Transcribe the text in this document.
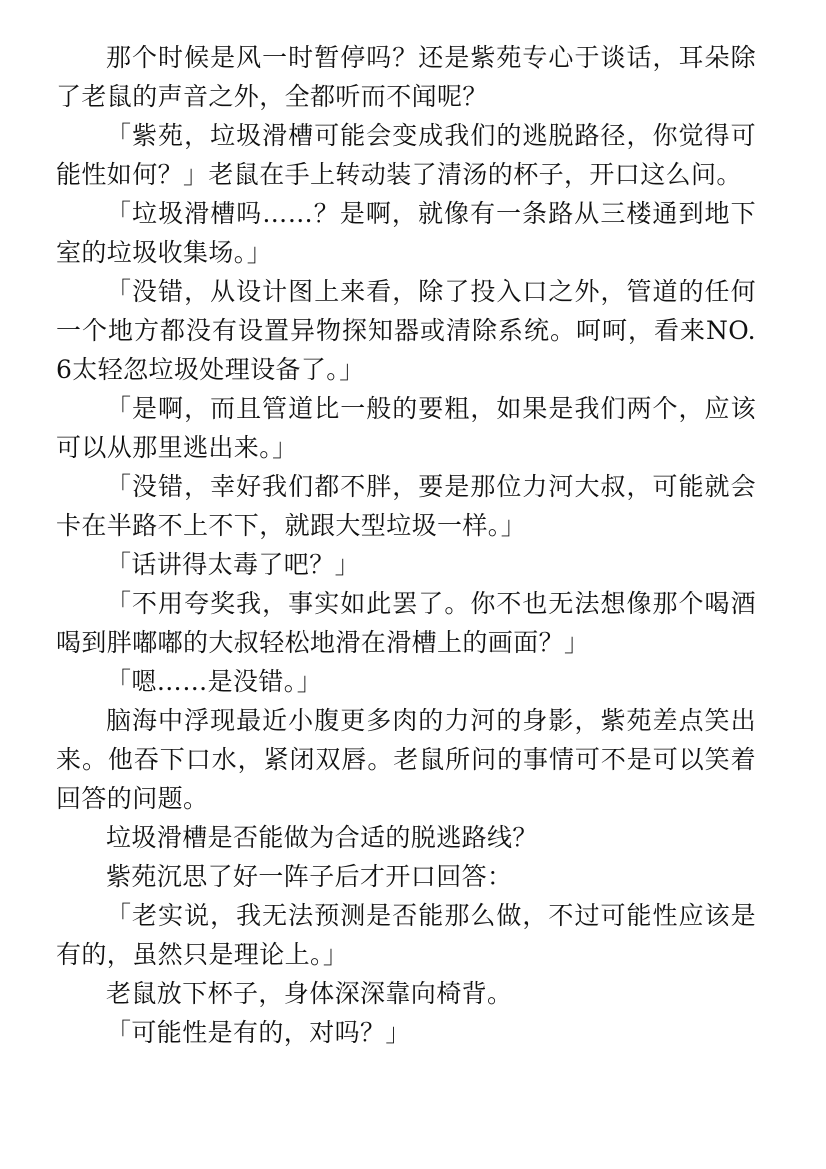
那个时候是风一时暂停吗？还是紫苑专心于谈话，耳朵除了老鼠的声音之外，全都听而不闻呢？

「紫苑，垃圾滑槽可能会变成我们的逃脱路径，你觉得可能性如何？」老鼠在手上转动装了清汤的杯子，开口这么问。

「垃圾滑槽吗……？是啊，就像有一条路从三楼通到地下室的垃圾收集场。」

「没错，从设计图上来看，除了投入口之外，管道的任何一个地方都没有设置异物探知器或清除系统。呵呵，看来NO.6太轻忽垃圾处理设备了。」

「是啊，而且管道比一般的要粗，如果是我们两个，应该可以从那里逃出来。」

「没错，幸好我们都不胖，要是那位力河大叔，可能就会卡在半路不上不下，就跟大型垃圾一样。」

「话讲得太毒了吧？」

「不用夸奖我，事实如此罢了。你不也无法想像那个喝酒喝到胖嘟嘟的大叔轻松地滑在滑槽上的画面？」

「嗯……是没错。」

脑海中浮现最近小腹更多肉的力河的身影，紫苑差点笑出来。他吞下口水，紧闭双唇。老鼠所问的事情可不是可以笑着回答的问题。

垃圾滑槽是否能做为合适的脱逃路线？

紫苑沉思了好一阵子后才开口回答：

「老实说，我无法预测是否能那么做，不过可能性应该是有的，虽然只是理论上。」

老鼠放下杯子，身体深深靠向椅背。

「可能性是有的，对吗？」
